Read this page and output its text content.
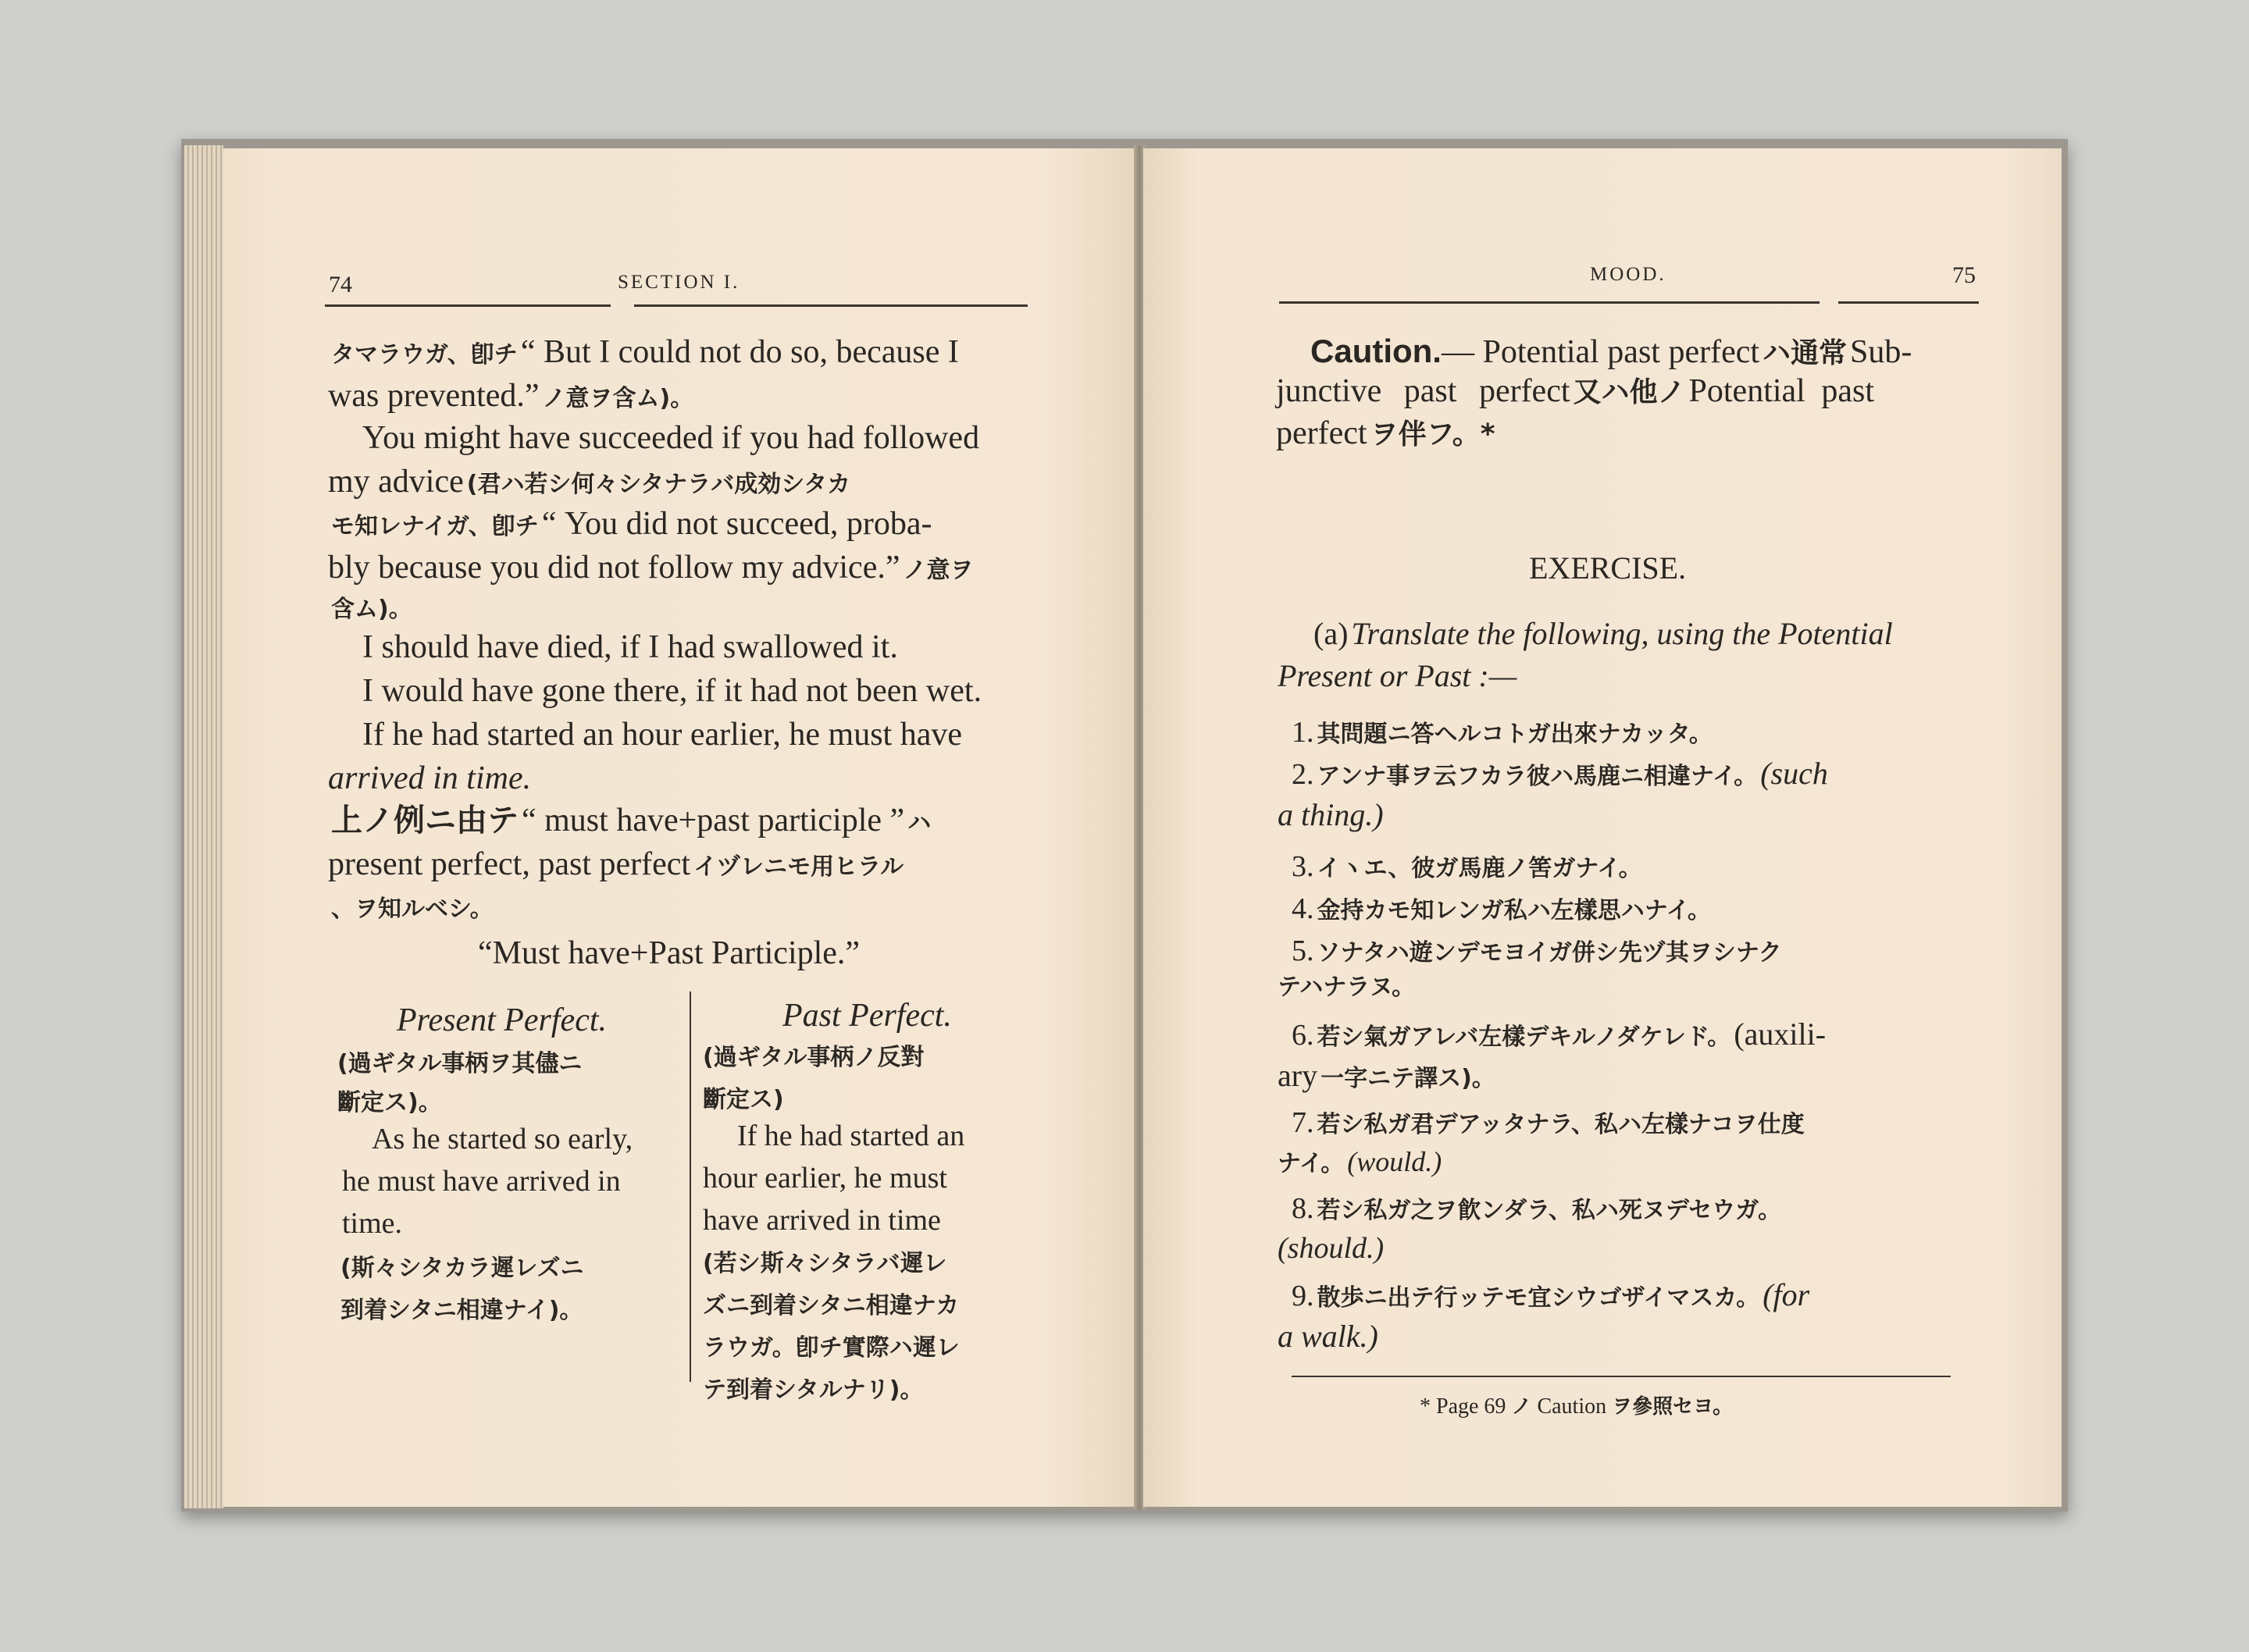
74	SECTION I.
タマラウガ、卽チ “ But I could not do so, because I
was prevented.” ノ意ヲ含ム)。
You might have succeeded if you had followed
my advice (君ハ若シ何々シタナラバ成効シタカ
モ知レナイガ、卽チ “ You did not succeed, proba-
bly because you did not follow my advice.” ノ意ヲ
含ム)。
I should have died, if I had swallowed it.
I would have gone there, if it had not been wet.
If he had started an hour earlier, he must have
arrived in time.
上ノ例ニ由テ “ must have+past participle ” ハ
present perfect, past perfect イヅレニモ用ヒラル
、ヲ知ルベシ。
“Must have+Past Participle.”
Present Perfect.
(過ギタル事柄ヲ其儘ニ
斷定ス)。
As he started so early,
he must have arrived in
time.
(斯々シタカラ遲レズニ
到着シタニ相違ナイ)。
Past Perfect.
(過ギタル事柄ノ反對
斷定ス)
If he had started an
hour earlier, he must
have arrived in time
(若シ斯々シタラバ遲レ
ズニ到着シタニ相違ナカ
ラウガ。卽チ實際ハ遲レ
テ到着シタルナリ)。
MOOD.	75
Caution.— Potential past perfect ハ通常 Sub-
junctive past perfect 又ハ他ノ Potential past
perfect ヲ伴フ。*
EXERCISE.
(a) Translate the following, using the Potential
Present or Past :—
1. 其問題ニ答ヘルコトガ出來ナカッタ。
2. アンナ事ヲ云フカラ彼ハ馬鹿ニ相違ナイ。 (such
a thing.)
3. イヽエ、彼ガ馬鹿ノ筈ガナイ。
4. 金持カモ知レンガ私ハ左樣思ハナイ。
5. ソナタハ遊ンデモヨイガ併シ先ヅ其ヲシナク
テハナラヌ。
6. 若シ氣ガアレバ左樣デキルノダケレド。 (auxili-
ary 一字ニテ譯ス)。
7. 若シ私ガ君デアッタナラ、私ハ左樣ナコヲ仕度
ナイ。 (would.)
8. 若シ私ガ之ヲ飮ンダラ、私ハ死ヌデセウガ。
(should.)
9. 散歩ニ出テ行ッテモ宜シウゴザイマスカ。 (for
a walk.)
* Page 69 ノ Caution ヲ參照セヨ。
